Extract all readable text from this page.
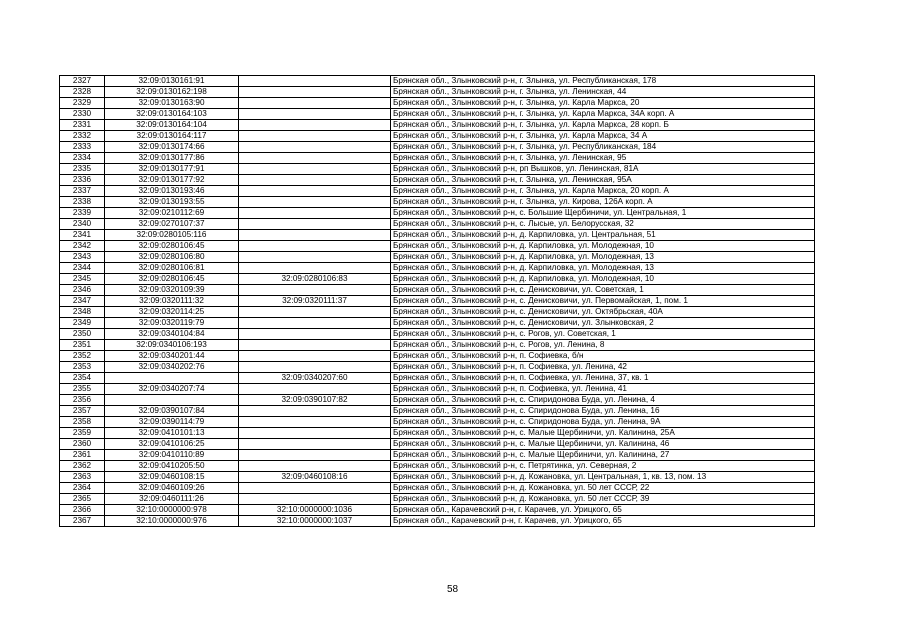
2327	32:09:0130161:91		Брянская обл., Злынковский р-н, г. Злынка, ул. Республиканская, 178
2328	32:09:0130162:198		Брянская обл., Злынковский р-н, г. Злынка, ул. Ленинская, 44
2329	32:09:0130163:90		Брянская обл., Злынковский р-н, г. Злынка, ул. Карла Маркса, 20
2330	32:09:0130164:103		Брянская обл., Злынковский р-н, г. Злынка, ул. Карла Маркса, 34А корп. А
2331	32:09:0130164:104		Брянская обл., Злынковский р-н, г. Злынка, ул. Карла Маркса, 28 корп. Б
2332	32:09:0130164:117		Брянская обл., Злынковский р-н, г. Злынка, ул. Карла Маркса, 34 А
2333	32:09:0130174:66		Брянская обл., Злынковский р-н, г. Злынка, ул. Республиканская, 184
2334	32:09:0130177:86		Брянская обл., Злынковский р-н, г. Злынка, ул. Ленинская, 95
2335	32:09:0130177:91		Брянская обл., Злынковский р-н, рп Вышков, ул. Ленинская, 81А
2336	32:09:0130177:92		Брянская обл., Злынковский р-н, г. Злынка, ул. Ленинская, 95А
2337	32:09:0130193:46		Брянская обл., Злынковский р-н, г. Злынка, ул. Карла Маркса, 20 корп. А
2338	32:09:0130193:55		Брянская обл., Злынковский р-н, г. Злынка, ул. Кирова, 126А корп. А
2339	32:09:0210112:69		Брянская обл., Злынковский р-н, с. Большие Щербиничи, ул. Центральная, 1
2340	32:09:0270107:37		Брянская обл., Злынковский р-н, с. Лысые, ул. Белорусская, 32
2341	32:09:0280105:116		Брянская обл., Злынковский р-н, д. Карпиловка, ул. Центральная, 51
2342	32:09:0280106:45		Брянская обл., Злынковский р-н, д. Карпиловка, ул. Молодежная, 10
2343	32:09:0280106:80		Брянская обл., Злынковский р-н, д. Карпиловка, ул. Молодежная, 13
2344	32:09:0280106:81		Брянская обл., Злынковский р-н, д. Карпиловка, ул. Молодежная, 13
2345	32:09:0280106:45	32:09:0280106:83	Брянская обл., Злынковский р-н, д. Карпиловка, ул. Молодежная, 10
2346	32:09:0320109:39		Брянская обл., Злынковский р-н, с. Денисковичи, ул. Советская, 1
2347	32:09:0320111:32	32:09:0320111:37	Брянская обл., Злынковский р-н, с. Денисковичи, ул. Первомайская, 1, пом. 1
2348	32:09:0320114:25		Брянская обл., Злынковский р-н, с. Денисковичи, ул. Октябрьская, 40А
2349	32:09:0320119:79		Брянская обл., Злынковский р-н, с. Денисковичи, ул. Злынковская, 2
2350	32:09:0340104:84		Брянская обл., Злынковский р-н, с. Рогов, ул. Советская, 1
2351	32:09:0340106:193		Брянская обл., Злынковский р-н, с. Рогов, ул. Ленина, 8
2352	32:09:0340201:44		Брянская обл., Злынковский р-н, п. Софиевка, б/н
2353	32:09:0340202:76		Брянская обл., Злынковский р-н, п. Софиевка, ул. Ленина, 42
2354		32:09:0340207:60	Брянская обл., Злынковский р-н, п. Софиевка, ул. Ленина, 37, кв. 1
2355	32:09:0340207:74		Брянская обл., Злынковский р-н, п. Софиевка, ул. Ленина, 41
2356		32:09:0390107:82	Брянская обл., Злынковский р-н, с. Спиридонова Буда, ул. Ленина, 4
2357	32:09:0390107:84		Брянская обл., Злынковский р-н, с. Спиридонова Буда, ул. Ленина, 16
2358	32:09:0390114:79		Брянская обл., Злынковский р-н, с. Спиридонова Буда, ул. Ленина, 9А
2359	32:09:0410101:13		Брянская обл., Злынковский р-н, с. Малые Щербиничи, ул. Калинина, 25А
2360	32:09:0410106:25		Брянская обл., Злынковский р-н, с. Малые Щербиничи, ул. Калинина, 46
2361	32:09:0410110:89		Брянская обл., Злынковский р-н, с. Малые Щербиничи, ул. Калинина, 27
2362	32:09:0410205:50		Брянская обл., Злынковский р-н, с. Петрятинка, ул. Северная, 2
2363	32:09:0460108:15	32:09:0460108:16	Брянская обл., Злынковский р-н, д. Кожановка, ул. Центральная, 1, кв. 13, пом. 13
2364	32:09:0460109:26		Брянская обл., Злынковский р-н, д. Кожановка, ул. 50 лет СССР, 22
2365	32:09:0460111:26		Брянская обл., Злынковский р-н, д. Кожановка, ул. 50 лет СССР, 39
2366	32:10:0000000:978	32:10:0000000:1036	Брянская обл., Карачевский р-н, г. Карачев, ул. Урицкого, 65
2367	32:10:0000000:976	32:10:0000000:1037	Брянская обл., Карачевский р-н, г. Карачев, ул. Урицкого, 65
58
